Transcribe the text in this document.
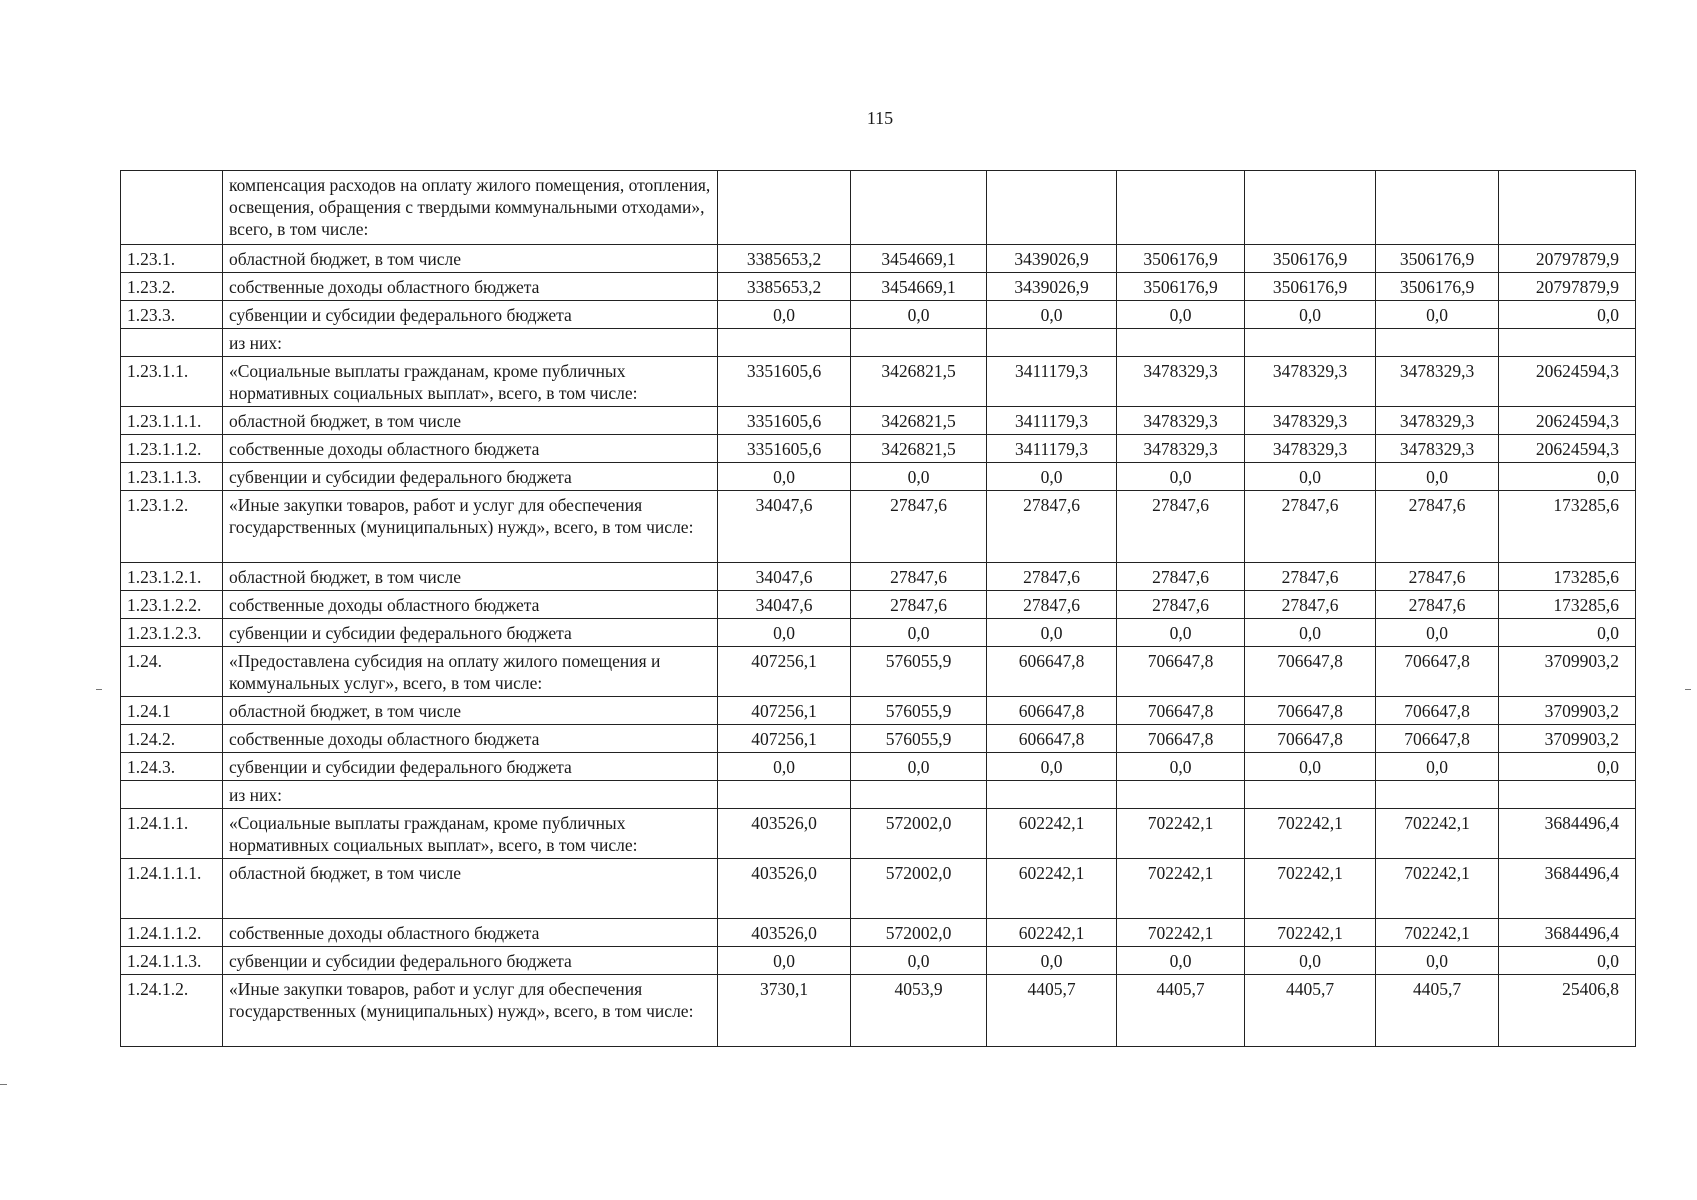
115
	компенсация расходов на оплату жилого помещения, отопления, освещения, обращения с твердыми коммунальными отходами», всего, в том числе:							
1.23.1.	областной бюджет, в том числе	3385653,2	3454669,1	3439026,9	3506176,9	3506176,9	3506176,9	20797879,9
1.23.2.	собственные доходы областного бюджета	3385653,2	3454669,1	3439026,9	3506176,9	3506176,9	3506176,9	20797879,9
1.23.3.	субвенции и субсидии федерального бюджета	0,0	0,0	0,0	0,0	0,0	0,0	0,0
	из них:							
1.23.1.1.	«Социальные выплаты гражданам, кроме публичных нормативных социальных выплат», всего, в том числе:	3351605,6	3426821,5	3411179,3	3478329,3	3478329,3	3478329,3	20624594,3
1.23.1.1.1.	областной бюджет, в том числе	3351605,6	3426821,5	3411179,3	3478329,3	3478329,3	3478329,3	20624594,3
1.23.1.1.2.	собственные доходы областного бюджета	3351605,6	3426821,5	3411179,3	3478329,3	3478329,3	3478329,3	20624594,3
1.23.1.1.3.	субвенции и субсидии федерального бюджета	0,0	0,0	0,0	0,0	0,0	0,0	0,0
1.23.1.2.	«Иные закупки товаров, работ и услуг для обеспечения государственных (муниципальных) нужд», всего, в том числе:	34047,6	27847,6	27847,6	27847,6	27847,6	27847,6	173285,6
1.23.1.2.1.	областной бюджет, в том числе	34047,6	27847,6	27847,6	27847,6	27847,6	27847,6	173285,6
1.23.1.2.2.	собственные доходы областного бюджета	34047,6	27847,6	27847,6	27847,6	27847,6	27847,6	173285,6
1.23.1.2.3.	субвенции и субсидии федерального бюджета	0,0	0,0	0,0	0,0	0,0	0,0	0,0
1.24.	«Предоставлена субсидия на оплату жилого помещения и коммунальных услуг», всего, в том числе:	407256,1	576055,9	606647,8	706647,8	706647,8	706647,8	3709903,2
1.24.1	областной бюджет, в том числе	407256,1	576055,9	606647,8	706647,8	706647,8	706647,8	3709903,2
1.24.2.	собственные доходы областного бюджета	407256,1	576055,9	606647,8	706647,8	706647,8	706647,8	3709903,2
1.24.3.	субвенции и субсидии федерального бюджета	0,0	0,0	0,0	0,0	0,0	0,0	0,0
	из них:							
1.24.1.1.	«Социальные выплаты гражданам, кроме публичных нормативных социальных выплат», всего, в том числе:	403526,0	572002,0	602242,1	702242,1	702242,1	702242,1	3684496,4
1.24.1.1.1.	областной бюджет, в том числе	403526,0	572002,0	602242,1	702242,1	702242,1	702242,1	3684496,4
1.24.1.1.2.	собственные доходы областного бюджета	403526,0	572002,0	602242,1	702242,1	702242,1	702242,1	3684496,4
1.24.1.1.3.	субвенции и субсидии федерального бюджета	0,0	0,0	0,0	0,0	0,0	0,0	0,0
1.24.1.2.	«Иные закупки товаров, работ и услуг для обеспечения государственных (муниципальных) нужд», всего, в том числе:	3730,1	4053,9	4405,7	4405,7	4405,7	4405,7	25406,8
